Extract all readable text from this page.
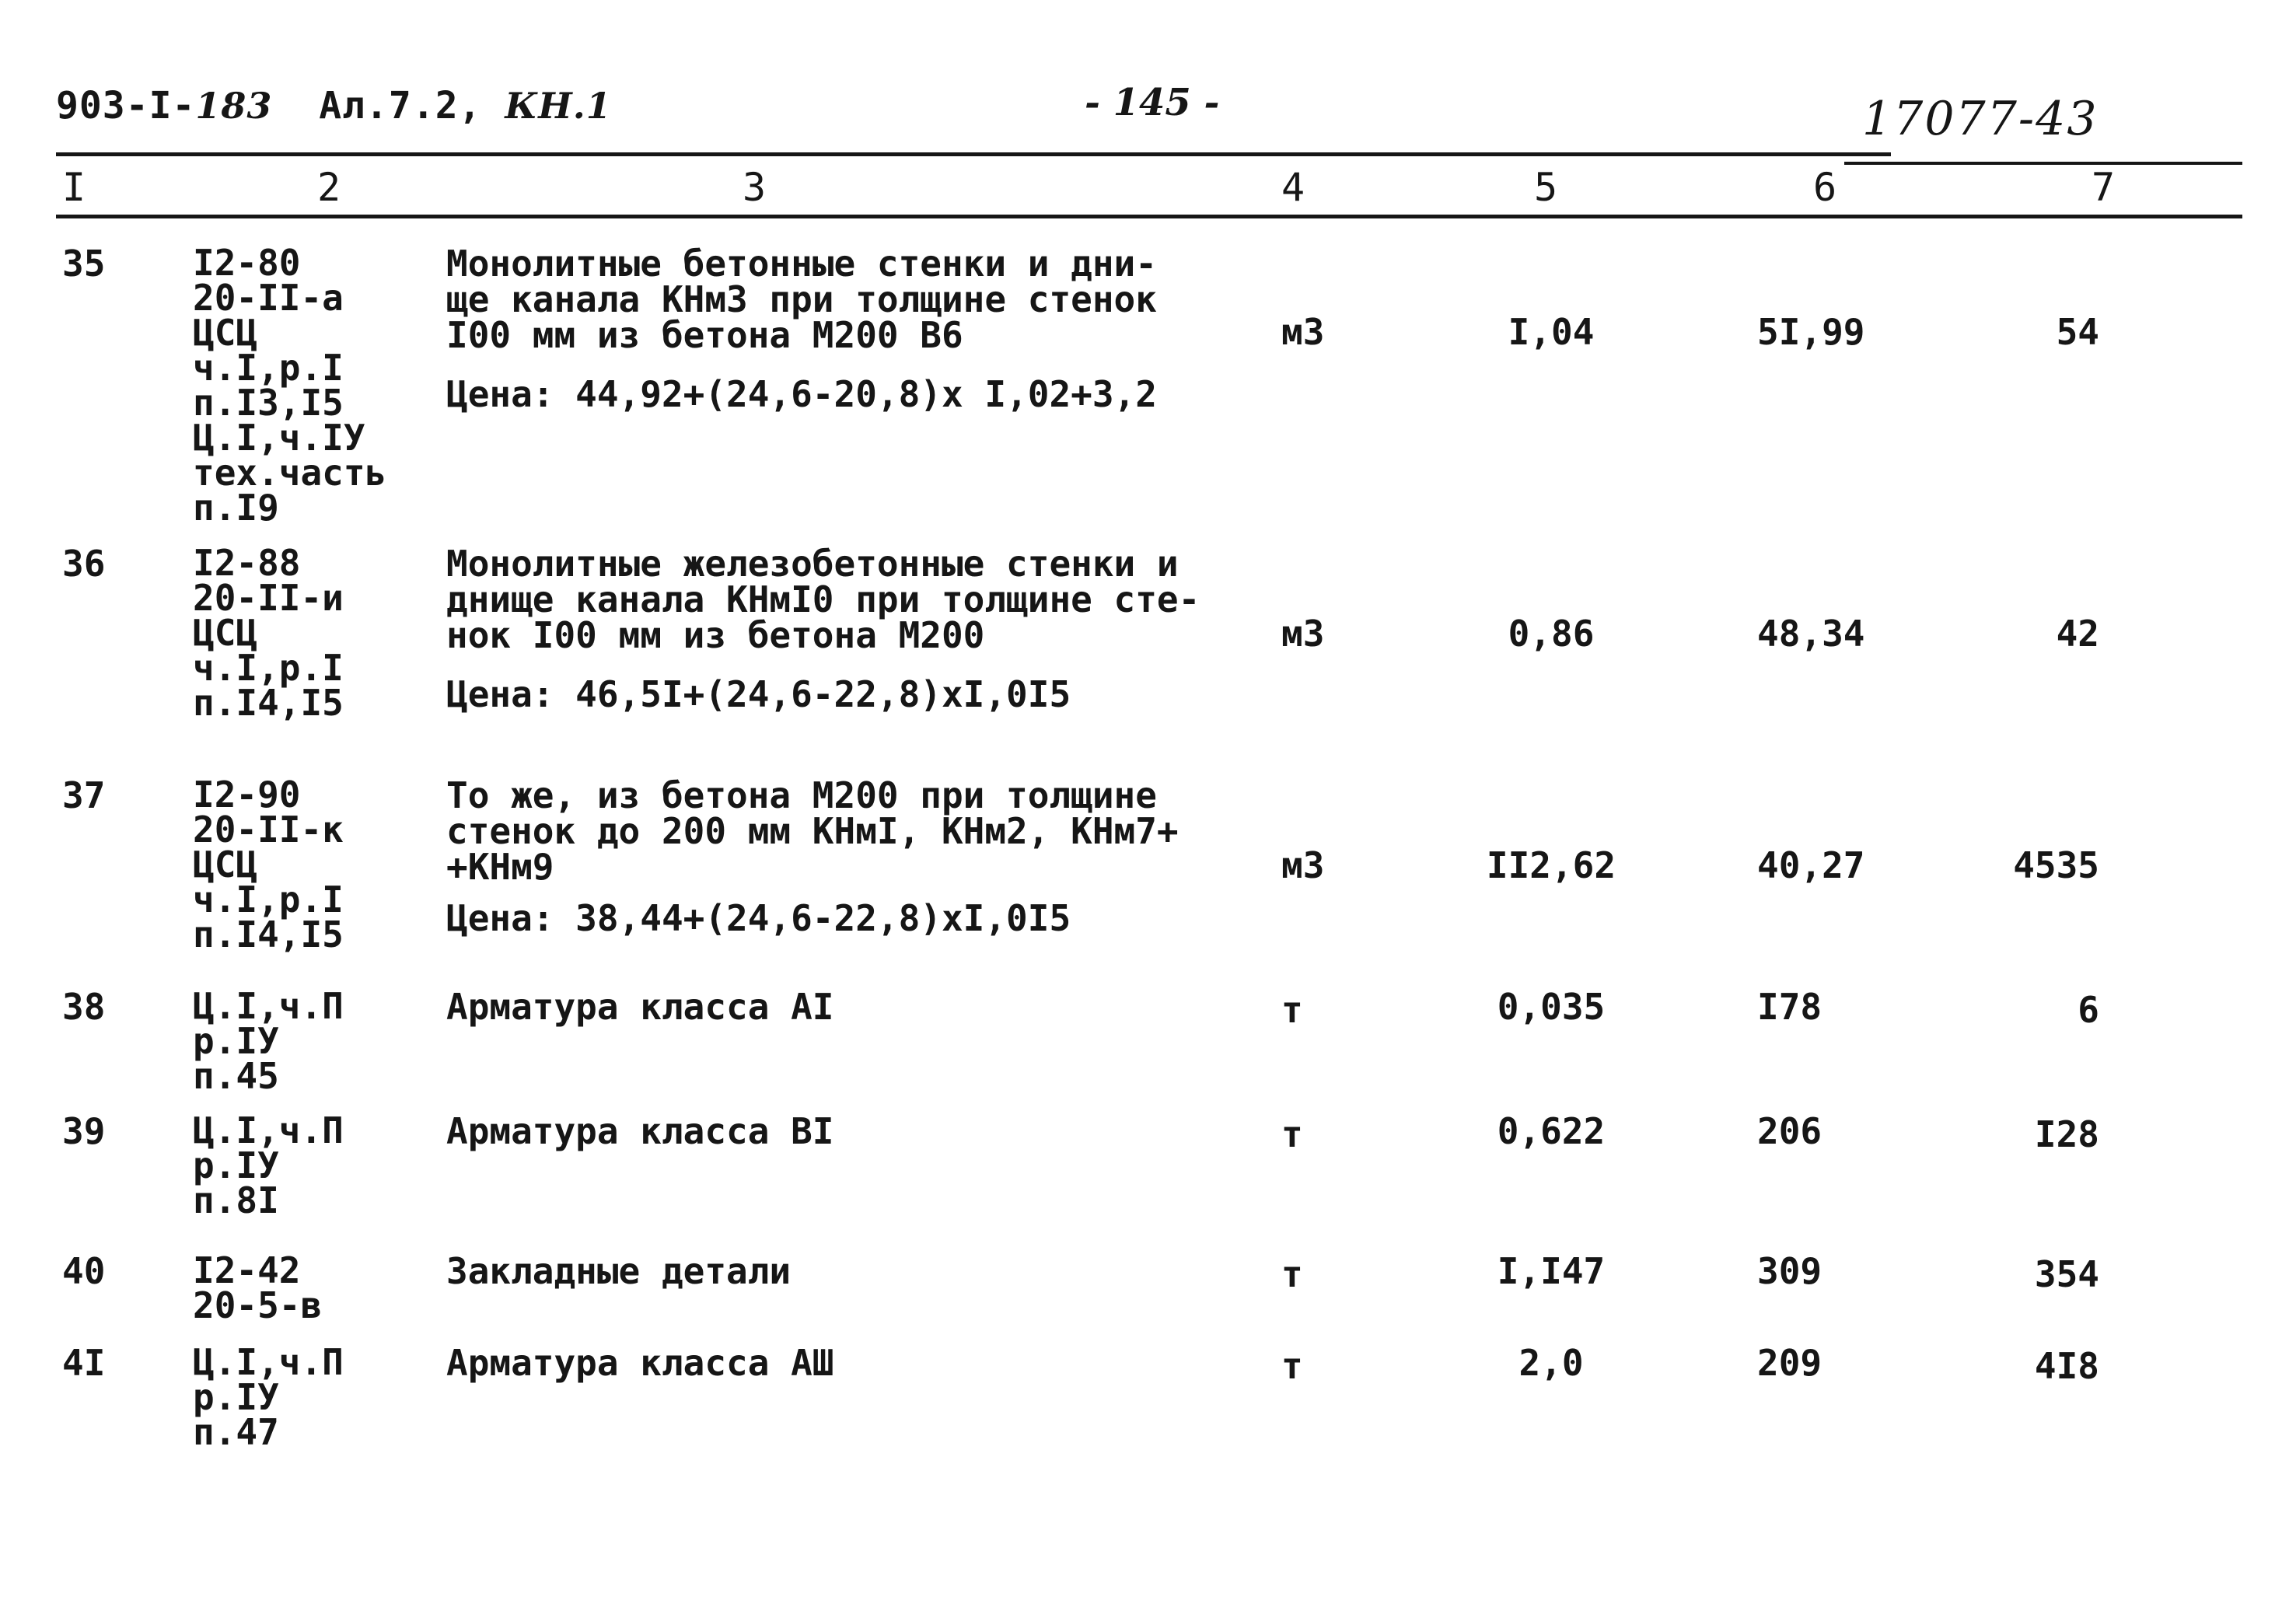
903-I-183 Ал.7.2, КН.1	- 145 -	17077-43
I	2	3	4	5	6	7
35 I2-80
20-II-а
ЦСЦ
ч.I,р.I
п.I3,I5
Ц.I,ч.IУ
тех.часть
п.I9
Монолитные бетонные стенки и дни-
ще канала КНм3 при толщине стенок
I00 мм из бетона М200 В6
Цена: 44,92+(24,6-20,8)х I,02+3,2
м3	I,04	5I,99	54
36 I2-88
20-II-и
ЦСЦ
ч.I,р.I
п.I4,I5
Монолитные железобетонные стенки и
днище канала КНмI0 при толщине сте-
нок I00 мм из бетона М200
Цена: 46,5I+(24,6-22,8)хI,0I5
м3	0,86	48,34	42
37 I2-90
20-II-к
ЦСЦ
ч.I,р.I
п.I4,I5
То же, из бетона М200 при толщине
стенок до 200 мм КНмI, КНм2, КНм7+
+КНм9
Цена: 38,44+(24,6-22,8)хI,0I5
м3	II2,62	40,27	4535
38 Ц.I,ч.П
р.IУ
п.45
Арматура класса АI	т	0,035	I78	6
39 Ц.I,ч.П
р.IУ
п.8I
Арматура класса ВI	т	0,622	206	I28
40 I2-42
20-5-в
Закладные детали	т	I,I47	309	354
4I Ц.I,ч.П
р.IУ
п.47
Арматура класса АШ	т	2,0	209	4I8
